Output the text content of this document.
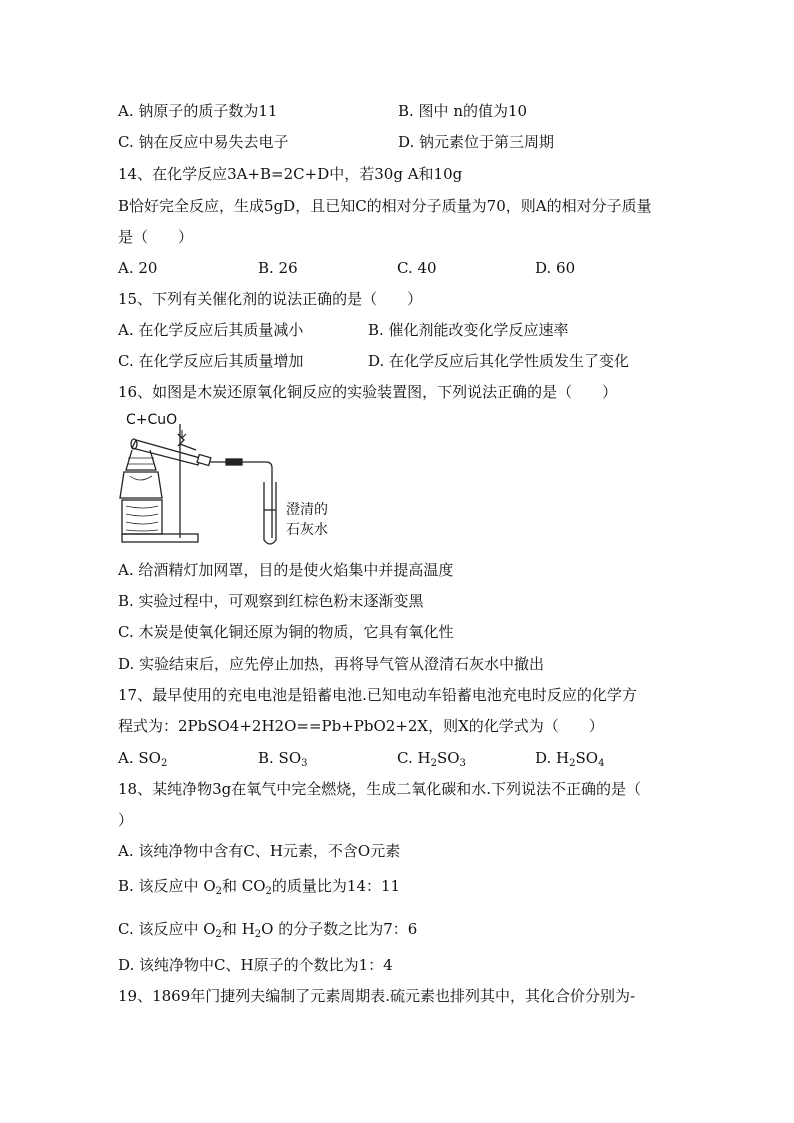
A. 钠原子的质子数为11	B. 图中 n的值为10
C. 钠在反应中易失去电子	D. 钠元素位于第三周期
14、在化学反应3A+B=2C+D中，若30g A和10g
B恰好完全反应，生成5gD，且已知C的相对分子质量为70，则A的相对分子质量
是（　　）
A. 20	B. 26	C. 40	D. 60
15、下列有关催化剂的说法正确的是（　　）
A. 在化学反应后其质量减小	B. 催化剂能改变化学反应速率
C. 在化学反应后其质量增加	D. 在化学反应后其化学性质发生了变化
16、如图是木炭还原氧化铜反应的实验装置图，下列说法正确的是（　　）
C+CuO
澄清的
石灰水
A. 给酒精灯加网罩，目的是使火焰集中并提高温度
B. 实验过程中，可观察到红棕色粉末逐渐变黑
C. 木炭是使氧化铜还原为铜的物质，它具有氧化性
D. 实验结束后，应先停止加热，再将导气管从澄清石灰水中撤出
17、最早使用的充电电池是铅蓄电池.已知电动车铅蓄电池充电时反应的化学方
程式为：2PbSO4+2H2O==Pb+PbO2+2X，则X的化学式为（　　）
A. $SO_2$	B. $SO_3$	C. $H_2SO_3$	D. $H_2SO_4$
18、某纯净物3g在氧气中完全燃烧，生成二氧化碳和水.下列说法不正确的是（
）
A. 该纯净物中含有C、H元素，不含O元素
B. 该反应中 $O_2$和 $CO_2$的质量比为14：11
C. 该反应中 $O_2$和 $H_2O$ 的分子数之比为7：6
D. 该纯净物中C、H原子的个数比为1：4
19、1869年门捷列夫编制了元素周期表.硫元素也排列其中，其化合价分别为-
